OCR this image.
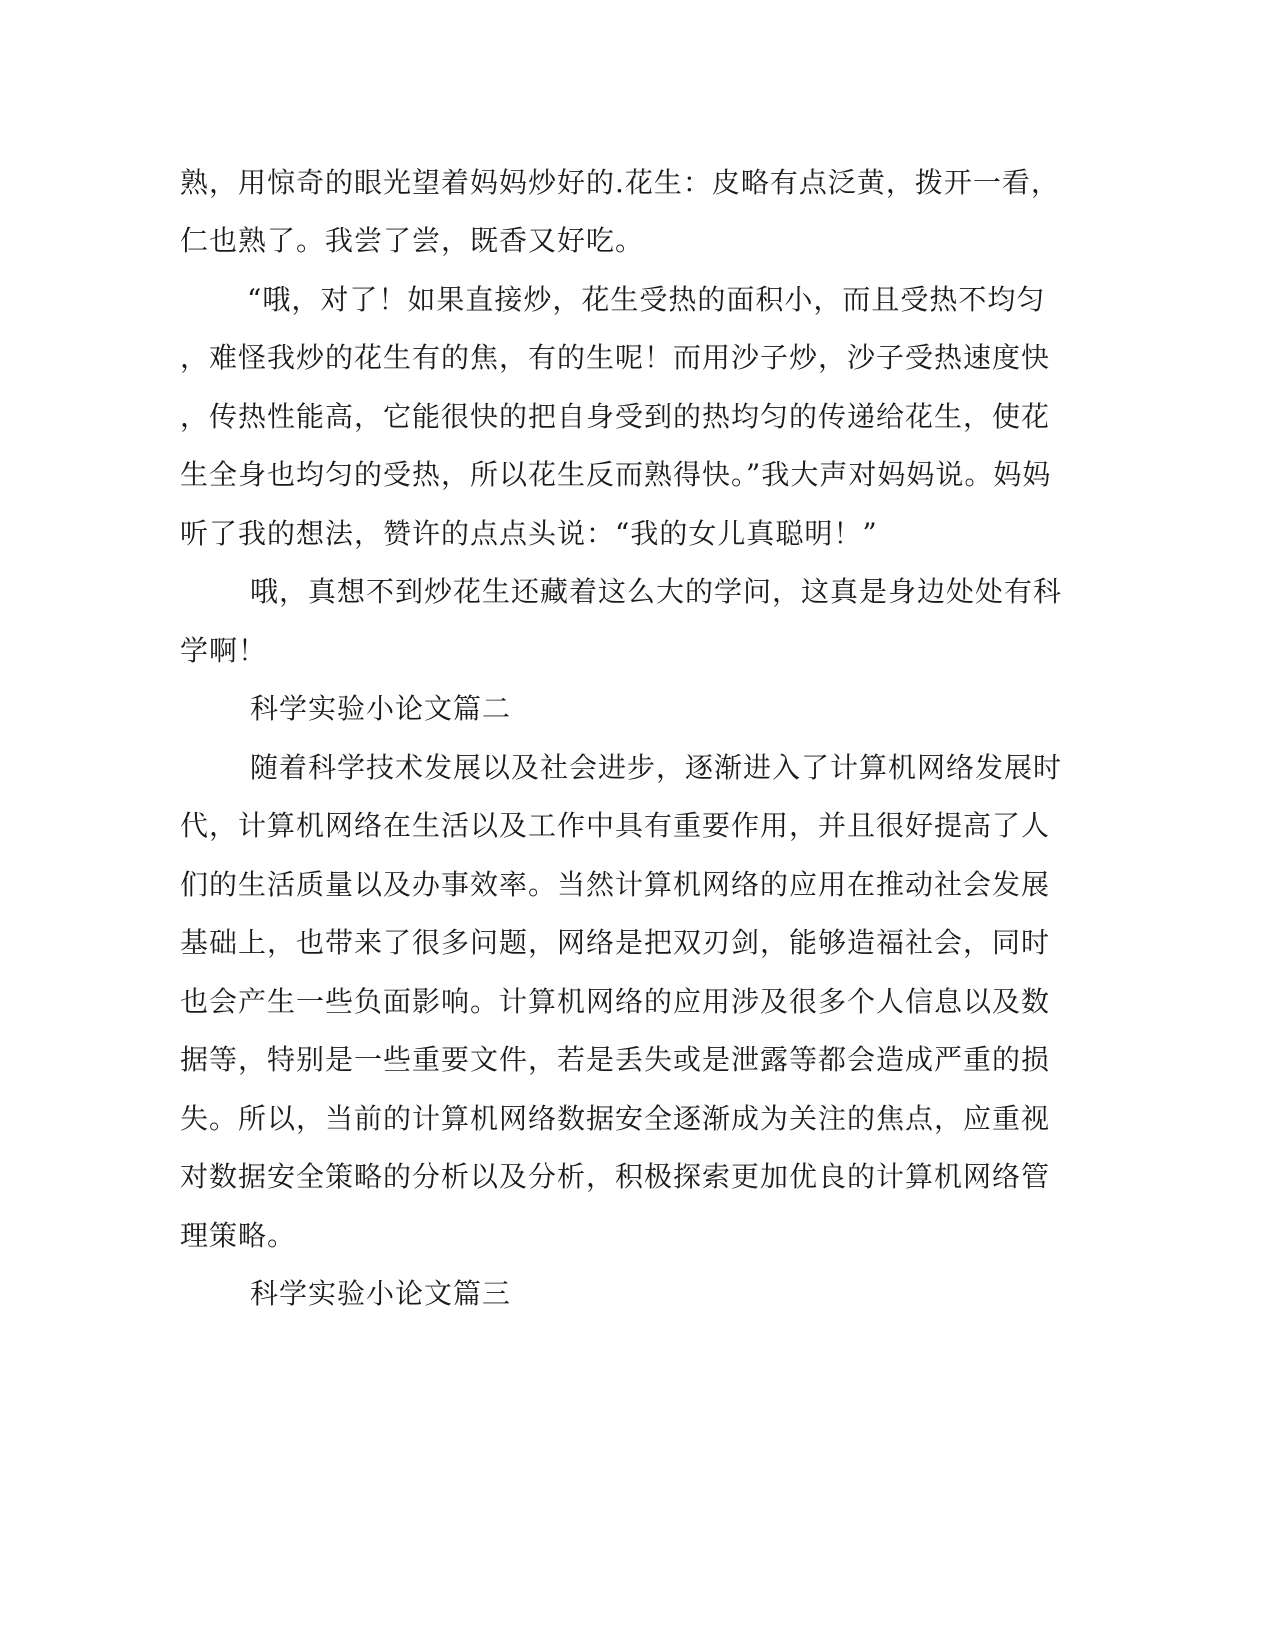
熟，用惊奇的眼光望着妈妈炒好的.花生：皮略有点泛黄，拨开一看，
仁也熟了。我尝了尝，既香又好吃。
“哦，对了！如果直接炒，花生受热的面积小，而且受热不均匀
，难怪我炒的花生有的焦，有的生呢！而用沙子炒，沙子受热速度快
，传热性能高，它能很快的把自身受到的热均匀的传递给花生，使花
生全身也均匀的受热，所以花生反而熟得快。”我大声对妈妈说。妈妈
听了我的想法，赞许的点点头说：“我的女儿真聪明！”
哦，真想不到炒花生还藏着这么大的学问，这真是身边处处有科
学啊！
科学实验小论文篇二
随着科学技术发展以及社会进步，逐渐进入了计算机网络发展时
代，计算机网络在生活以及工作中具有重要作用，并且很好提高了人
们的生活质量以及办事效率。当然计算机网络的应用在推动社会发展
基础上，也带来了很多问题，网络是把双刃剑，能够造福社会，同时
也会产生一些负面影响。计算机网络的应用涉及很多个人信息以及数
据等，特别是一些重要文件，若是丢失或是泄露等都会造成严重的损
失。所以，当前的计算机网络数据安全逐渐成为关注的焦点，应重视
对数据安全策略的分析以及分析，积极探索更加优良的计算机网络管
理策略。
科学实验小论文篇三
